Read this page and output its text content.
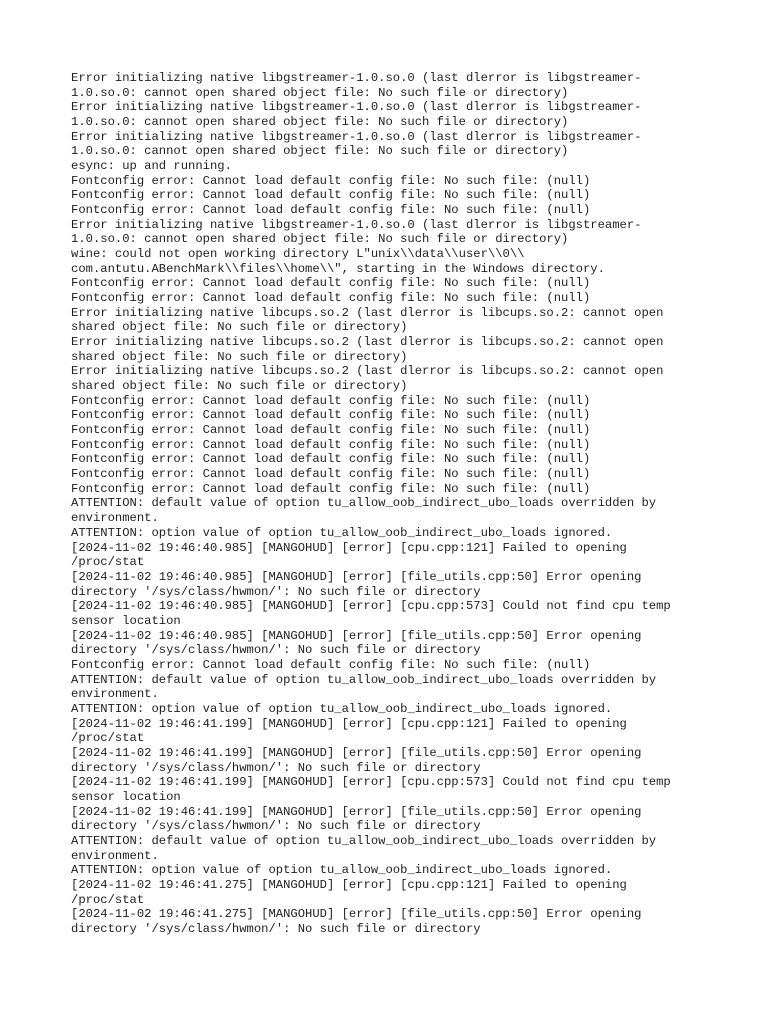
Error initializing native libgstreamer-1.0.so.0 (last dlerror is libgstreamer-
1.0.so.0: cannot open shared object file: No such file or directory)
Error initializing native libgstreamer-1.0.so.0 (last dlerror is libgstreamer-
1.0.so.0: cannot open shared object file: No such file or directory)
Error initializing native libgstreamer-1.0.so.0 (last dlerror is libgstreamer-
1.0.so.0: cannot open shared object file: No such file or directory)
esync: up and running.
Fontconfig error: Cannot load default config file: No such file: (null)
Fontconfig error: Cannot load default config file: No such file: (null)
Fontconfig error: Cannot load default config file: No such file: (null)
Error initializing native libgstreamer-1.0.so.0 (last dlerror is libgstreamer-
1.0.so.0: cannot open shared object file: No such file or directory)
wine: could not open working directory L"unix\\data\\user\\0\\
com.antutu.ABenchMark\\files\\home\\", starting in the Windows directory.
Fontconfig error: Cannot load default config file: No such file: (null)
Fontconfig error: Cannot load default config file: No such file: (null)
Error initializing native libcups.so.2 (last dlerror is libcups.so.2: cannot open
shared object file: No such file or directory)
Error initializing native libcups.so.2 (last dlerror is libcups.so.2: cannot open
shared object file: No such file or directory)
Error initializing native libcups.so.2 (last dlerror is libcups.so.2: cannot open
shared object file: No such file or directory)
Fontconfig error: Cannot load default config file: No such file: (null)
Fontconfig error: Cannot load default config file: No such file: (null)
Fontconfig error: Cannot load default config file: No such file: (null)
Fontconfig error: Cannot load default config file: No such file: (null)
Fontconfig error: Cannot load default config file: No such file: (null)
Fontconfig error: Cannot load default config file: No such file: (null)
Fontconfig error: Cannot load default config file: No such file: (null)
ATTENTION: default value of option tu_allow_oob_indirect_ubo_loads overridden by
environment.
ATTENTION: option value of option tu_allow_oob_indirect_ubo_loads ignored.
[2024-11-02 19:46:40.985] [MANGOHUD] [error] [cpu.cpp:121] Failed to opening
/proc/stat
[2024-11-02 19:46:40.985] [MANGOHUD] [error] [file_utils.cpp:50] Error opening
directory '/sys/class/hwmon/': No such file or directory
[2024-11-02 19:46:40.985] [MANGOHUD] [error] [cpu.cpp:573] Could not find cpu temp
sensor location
[2024-11-02 19:46:40.985] [MANGOHUD] [error] [file_utils.cpp:50] Error opening
directory '/sys/class/hwmon/': No such file or directory
Fontconfig error: Cannot load default config file: No such file: (null)
ATTENTION: default value of option tu_allow_oob_indirect_ubo_loads overridden by
environment.
ATTENTION: option value of option tu_allow_oob_indirect_ubo_loads ignored.
[2024-11-02 19:46:41.199] [MANGOHUD] [error] [cpu.cpp:121] Failed to opening
/proc/stat
[2024-11-02 19:46:41.199] [MANGOHUD] [error] [file_utils.cpp:50] Error opening
directory '/sys/class/hwmon/': No such file or directory
[2024-11-02 19:46:41.199] [MANGOHUD] [error] [cpu.cpp:573] Could not find cpu temp
sensor location
[2024-11-02 19:46:41.199] [MANGOHUD] [error] [file_utils.cpp:50] Error opening
directory '/sys/class/hwmon/': No such file or directory
ATTENTION: default value of option tu_allow_oob_indirect_ubo_loads overridden by
environment.
ATTENTION: option value of option tu_allow_oob_indirect_ubo_loads ignored.
[2024-11-02 19:46:41.275] [MANGOHUD] [error] [cpu.cpp:121] Failed to opening
/proc/stat
[2024-11-02 19:46:41.275] [MANGOHUD] [error] [file_utils.cpp:50] Error opening
directory '/sys/class/hwmon/': No such file or directory
